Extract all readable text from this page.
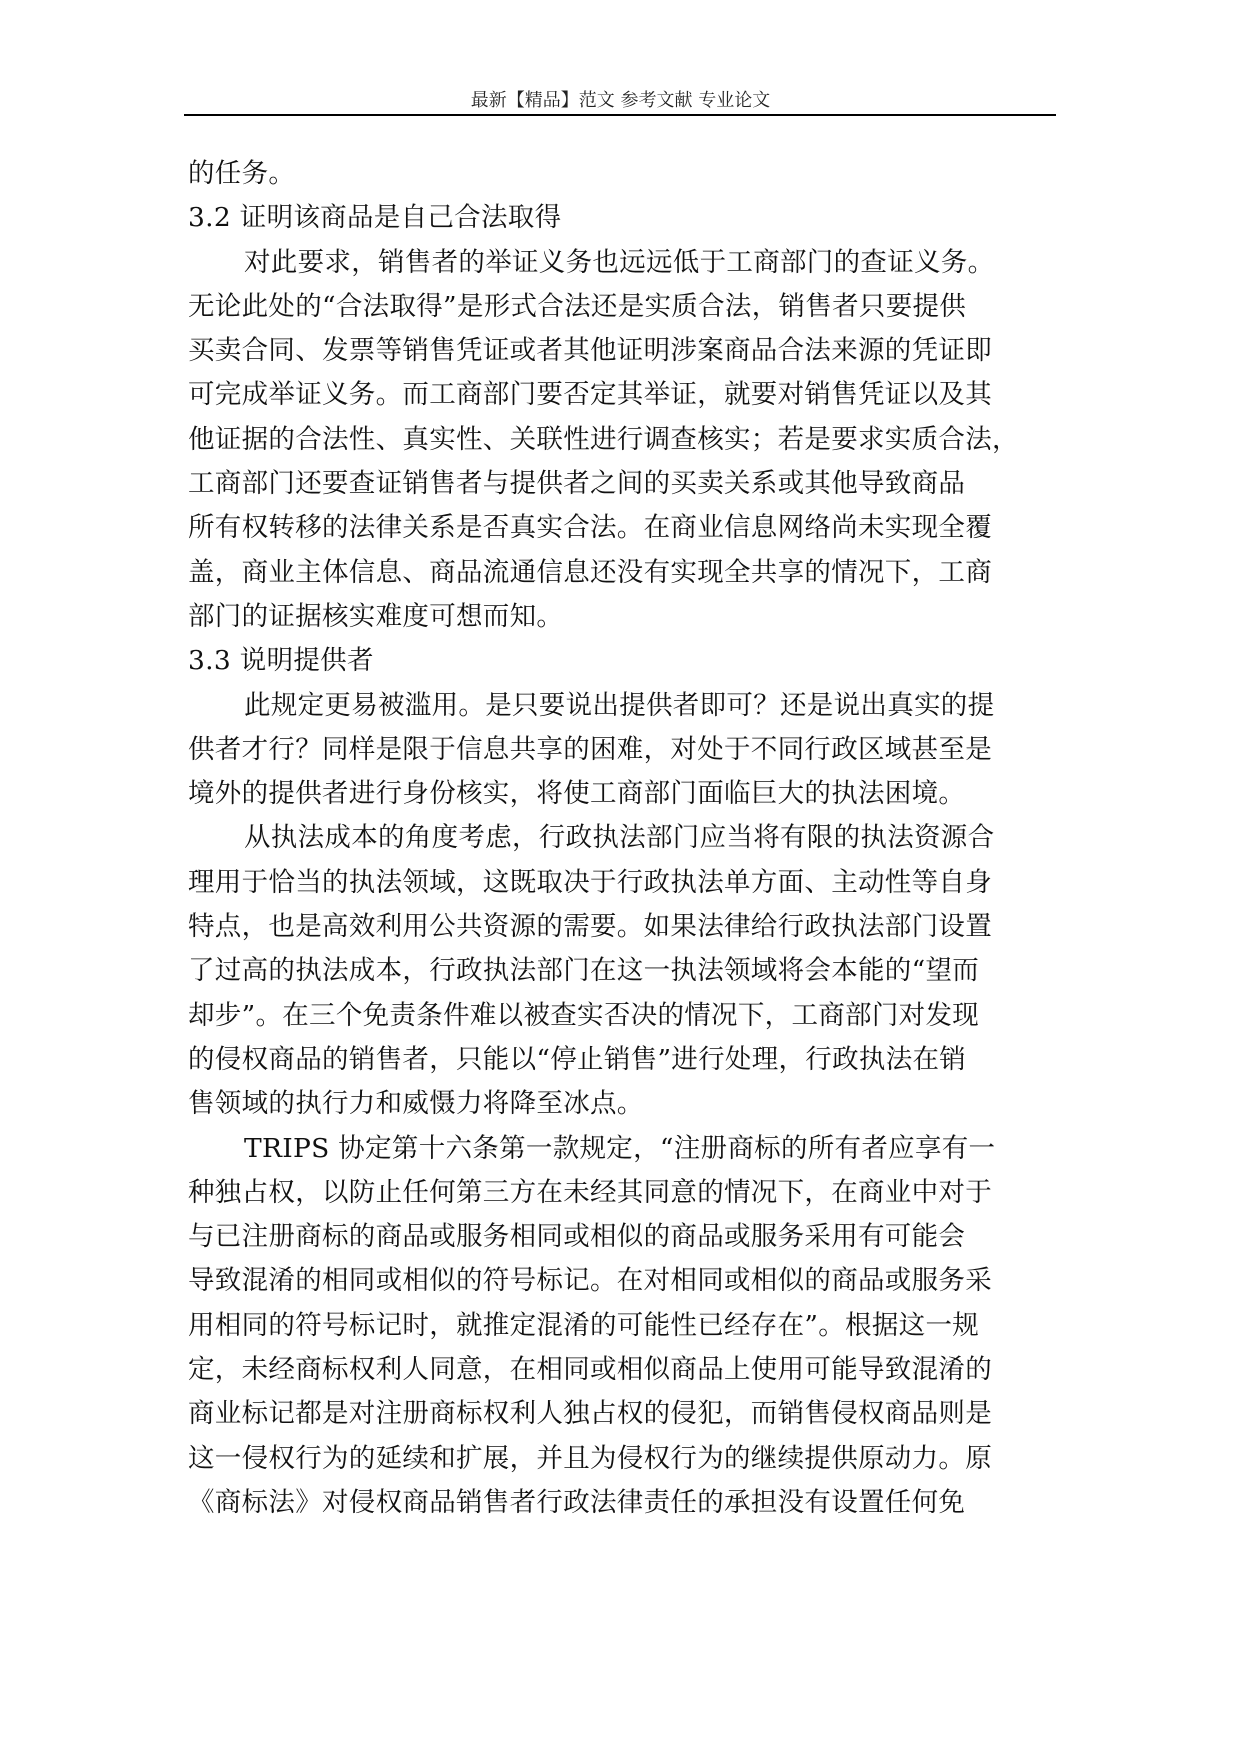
最新【精品】范文 参考文献 专业论文

的任务。

3.2 证明该商品是自己合法取得

对此要求，销售者的举证义务也远远低于工商部门的查证义务。
无论此处的“合法取得”是形式合法还是实质合法，销售者只要提供
买卖合同、发票等销售凭证或者其他证明涉案商品合法来源的凭证即
可完成举证义务。而工商部门要否定其举证，就要对销售凭证以及其
他证据的合法性、真实性、关联性进行调查核实；若是要求实质合法，
工商部门还要查证销售者与提供者之间的买卖关系或其他导致商品
所有权转移的法律关系是否真实合法。在商业信息网络尚未实现全覆
盖，商业主体信息、商品流通信息还没有实现全共享的情况下，工商
部门的证据核实难度可想而知。

3.3 说明提供者

此规定更易被滥用。是只要说出提供者即可？还是说出真实的提
供者才行？同样是限于信息共享的困难，对处于不同行政区域甚至是
境外的提供者进行身份核实，将使工商部门面临巨大的执法困境。

从执法成本的角度考虑，行政执法部门应当将有限的执法资源合
理用于恰当的执法领域，这既取决于行政执法单方面、主动性等自身
特点，也是高效利用公共资源的需要。如果法律给行政执法部门设置
了过高的执法成本，行政执法部门在这一执法领域将会本能的“望而
却步”。在三个免责条件难以被查实否决的情况下，工商部门对发现
的侵权商品的销售者，只能以“停止销售”进行处理，行政执法在销
售领域的执行力和威慑力将降至冰点。

TRIPS 协定第十六条第一款规定，“注册商标的所有者应享有一
种独占权，以防止任何第三方在未经其同意的情况下，在商业中对于
与已注册商标的商品或服务相同或相似的商品或服务采用有可能会
导致混淆的相同或相似的符号标记。在对相同或相似的商品或服务采
用相同的符号标记时，就推定混淆的可能性已经存在”。根据这一规
定，未经商标权利人同意，在相同或相似商品上使用可能导致混淆的
商业标记都是对注册商标权利人独占权的侵犯，而销售侵权商品则是
这一侵权行为的延续和扩展，并且为侵权行为的继续提供原动力。原
《商标法》对侵权商品销售者行政法律责任的承担没有设置任何免
